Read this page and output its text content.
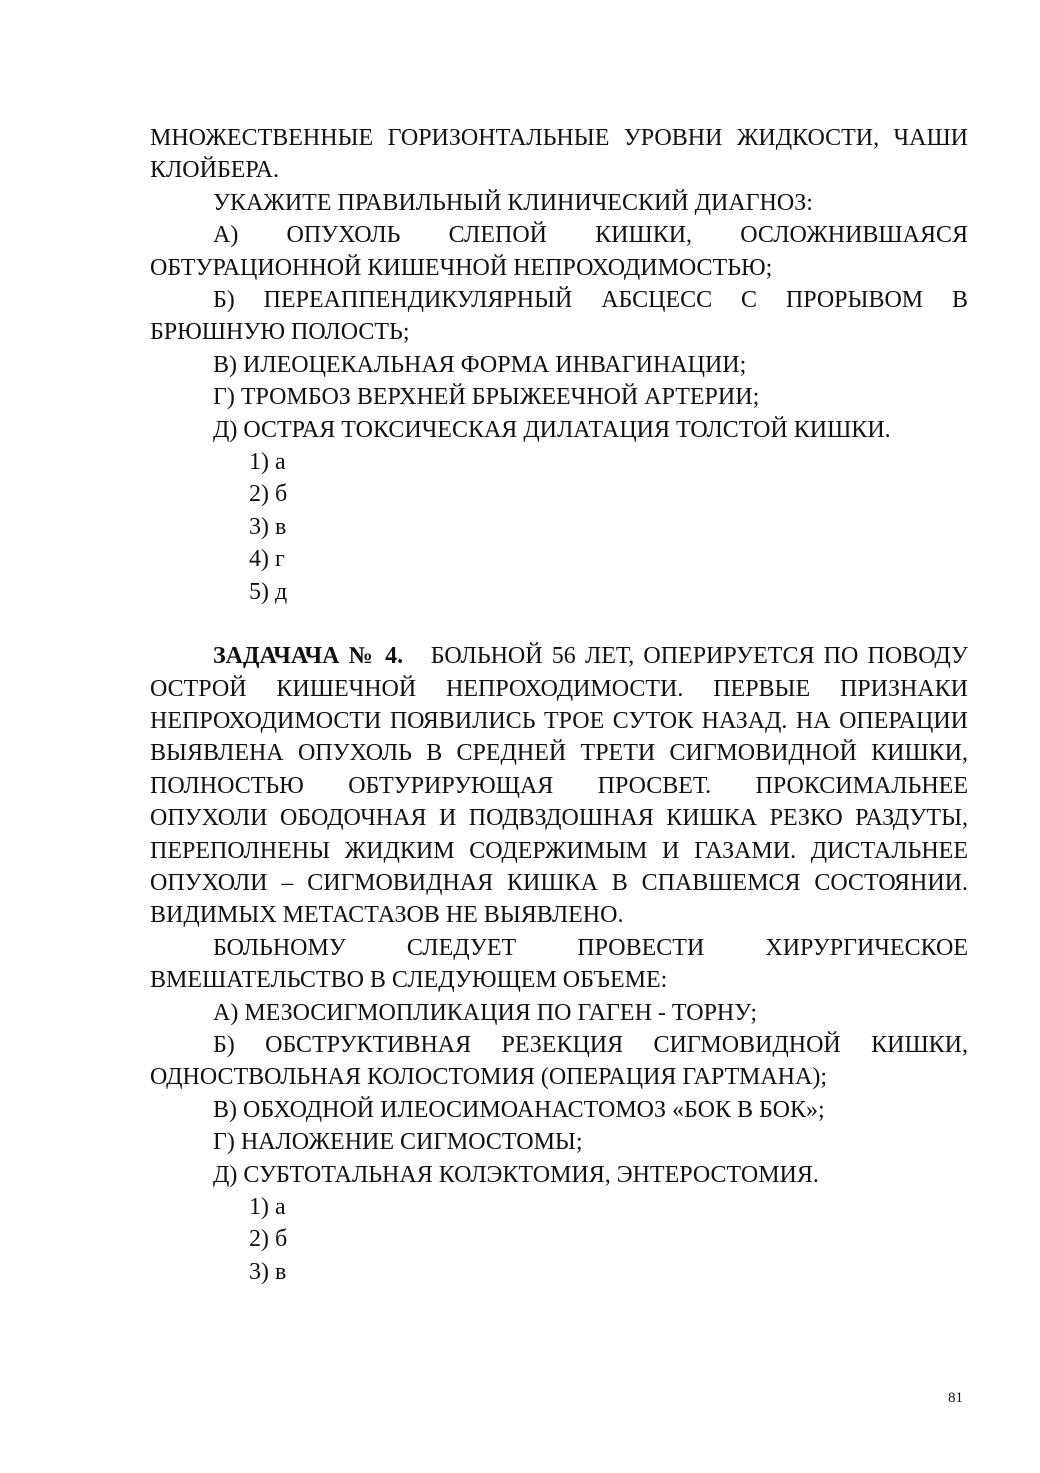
МНОЖЕСТВЕННЫЕ ГОРИЗОНТАЛЬНЫЕ УРОВНИ ЖИДКОСТИ, ЧАШИ КЛОЙБЕРА.

УКАЖИТЕ ПРАВИЛЬНЫЙ КЛИНИЧЕСКИЙ ДИАГНОЗ:

А) ОПУХОЛЬ СЛЕПОЙ КИШКИ, ОСЛОЖНИВШАЯСЯ ОБТУРАЦИОННОЙ КИШЕЧНОЙ НЕПРОХОДИМОСТЬЮ;

Б) ПЕРЕАППЕНДИКУЛЯРНЫЙ АБСЦЕСС С ПРОРЫВОМ В БРЮШНУЮ ПОЛОСТЬ;

В) ИЛЕОЦЕКАЛЬНАЯ ФОРМА ИНВАГИНАЦИИ;

Г) ТРОМБОЗ ВЕРХНЕЙ БРЫЖЕЕЧНОЙ АРТЕРИИ;

Д) ОСТРАЯ ТОКСИЧЕСКАЯ ДИЛАТАЦИЯ ТОЛСТОЙ КИШКИ.

1) а

2) б

3) в

4) г

5) д

ЗАДАЧАЧА № 4. БОЛЬНОЙ 56 ЛЕТ, ОПЕРИРУЕТСЯ ПО ПОВОДУ ОСТРОЙ КИШЕЧНОЙ НЕПРОХОДИМОСТИ. ПЕРВЫЕ ПРИЗНАКИ НЕПРОХОДИМОСТИ ПОЯВИЛИСЬ ТРОЕ СУТОК НАЗАД. НА ОПЕРАЦИИ ВЫЯВЛЕНА ОПУХОЛЬ В СРЕДНЕЙ ТРЕТИ СИГМОВИДНОЙ КИШКИ, ПОЛНОСТЬЮ ОБТУРИРУЮЩАЯ ПРОСВЕТ. ПРОКСИМАЛЬНЕЕ ОПУХОЛИ ОБОДОЧНАЯ И ПОДВЗДОШНАЯ КИШКА РЕЗКО РАЗДУТЫ, ПЕРЕПОЛНЕНЫ ЖИДКИМ СОДЕРЖИМЫМ И ГАЗАМИ. ДИСТАЛЬНЕЕ ОПУХОЛИ – СИГМОВИДНАЯ КИШКА В СПАВШЕМСЯ СОСТОЯНИИ. ВИДИМЫХ МЕТАСТАЗОВ НЕ ВЫЯВЛЕНО.

БОЛЬНОМУ СЛЕДУЕТ ПРОВЕСТИ ХИРУРГИЧЕСКОЕ ВМЕШАТЕЛЬСТВО В СЛЕДУЮЩЕМ ОБЪЕМЕ:

А) МЕЗОСИГМОПЛИКАЦИЯ ПО ГАГЕН - ТОРНУ;

Б) ОБСТРУКТИВНАЯ РЕЗЕКЦИЯ СИГМОВИДНОЙ КИШКИ, ОДНОСТВОЛЬНАЯ КОЛОСТОМИЯ (ОПЕРАЦИЯ ГАРТМАНА);

В) ОБХОДНОЙ ИЛЕОСИМОАНАСТОМОЗ «БОК В БОК»;

Г) НАЛОЖЕНИЕ СИГМОСТОМЫ;

Д) СУБТОТАЛЬНАЯ КОЛЭКТОМИЯ, ЭНТЕРОСТОМИЯ.

1) а

2) б

3) в

81
